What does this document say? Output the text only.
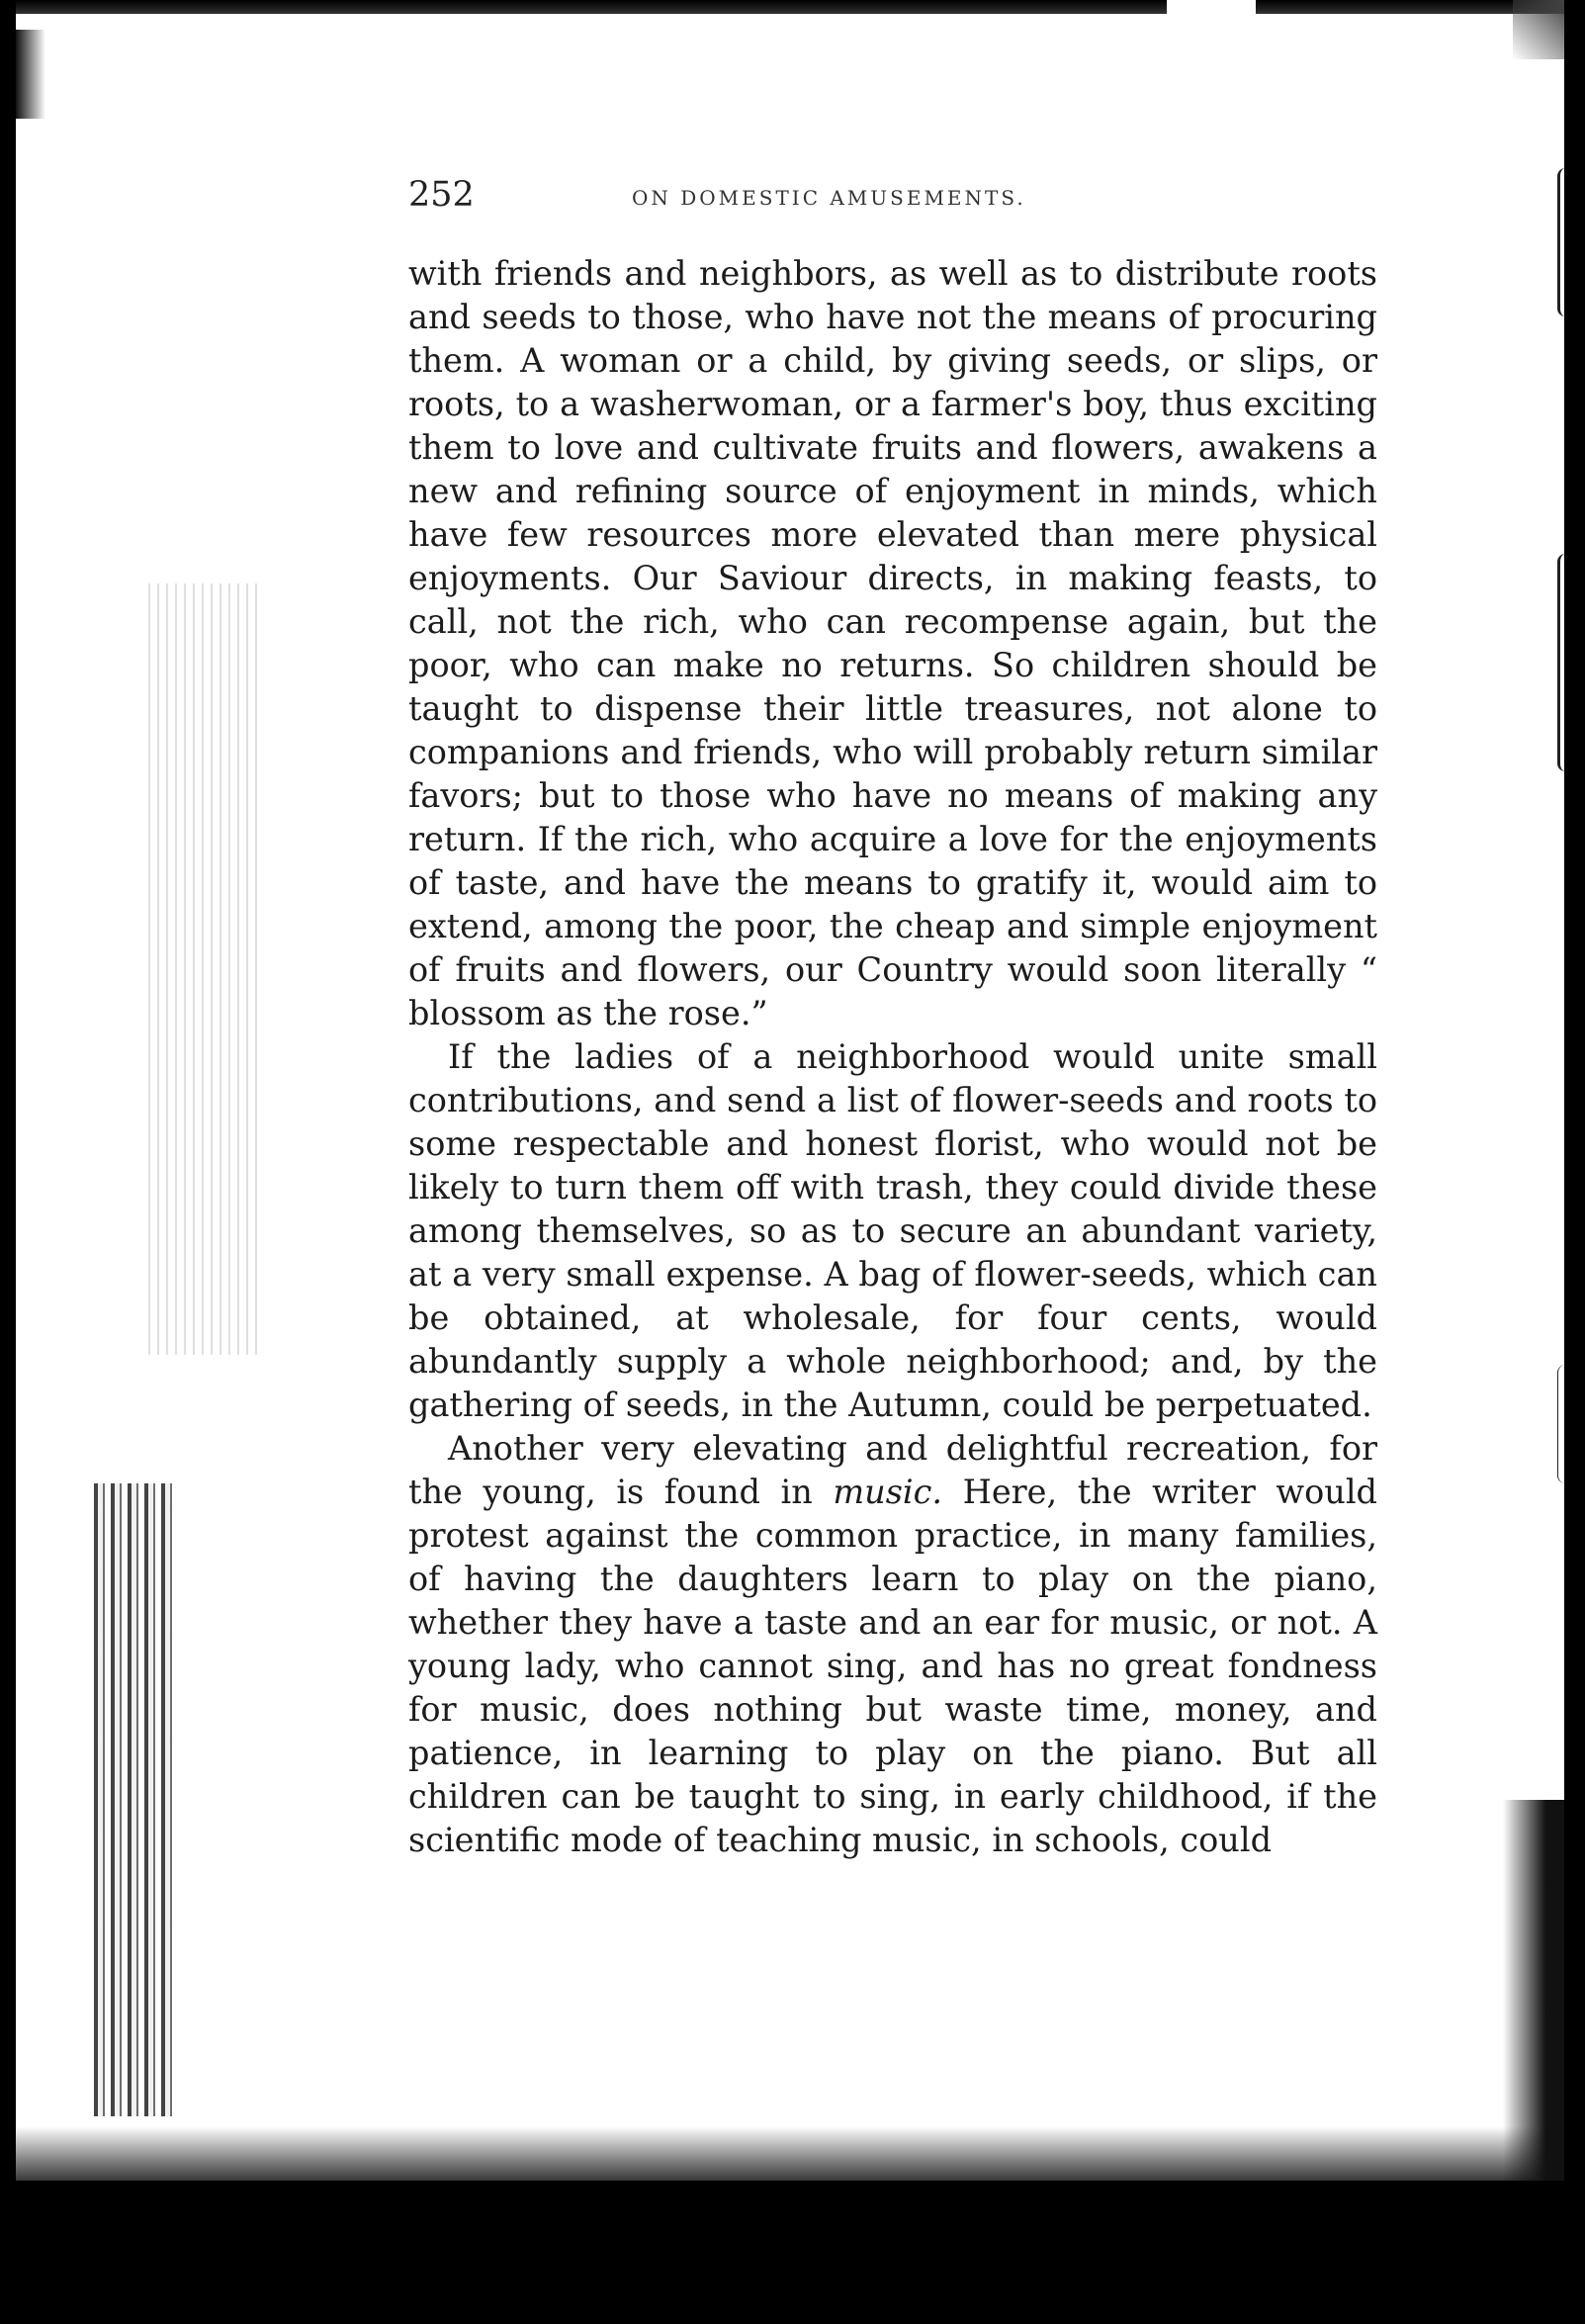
252	ON DOMESTIC AMUSEMENTS.

with friends and neighbors, as well as to distribute roots and seeds to those, who have not the means of procuring them. A woman or a child, by giving seeds, or slips, or roots, to a washerwoman, or a farmer's boy, thus exciting them to love and cultivate fruits and flowers, awakens a new and refining source of enjoyment in minds, which have few resources more elevated than mere physical enjoyments. Our Saviour directs, in making feasts, to call, not the rich, who can recompense again, but the poor, who can make no returns. So children should be taught to dispense their little treasures, not alone to companions and friends, who will probably return similar favors; but to those who have no means of making any return. If the rich, who acquire a love for the enjoyments of taste, and have the means to gratify it, would aim to extend, among the poor, the cheap and simple enjoyment of fruits and flowers, our Country would soon literally “ blossom as the rose.”

If the ladies of a neighborhood would unite small contributions, and send a list of flower-seeds and roots to some respectable and honest florist, who would not be likely to turn them off with trash, they could divide these among themselves, so as to secure an abundant variety, at a very small expense. A bag of flower-seeds, which can be obtained, at wholesale, for four cents, would abundantly supply a whole neighborhood; and, by the gathering of seeds, in the Autumn, could be perpetuated.

Another very elevating and delightful recreation, for the young, is found in music. Here, the writer would protest against the common practice, in many families, of having the daughters learn to play on the piano, whether they have a taste and an ear for music, or not. A young lady, who cannot sing, and has no great fondness for music, does nothing but waste time, money, and patience, in learning to play on the piano. But all children can be taught to sing, in early childhood, if the scientific mode of teaching music, in schools, could
